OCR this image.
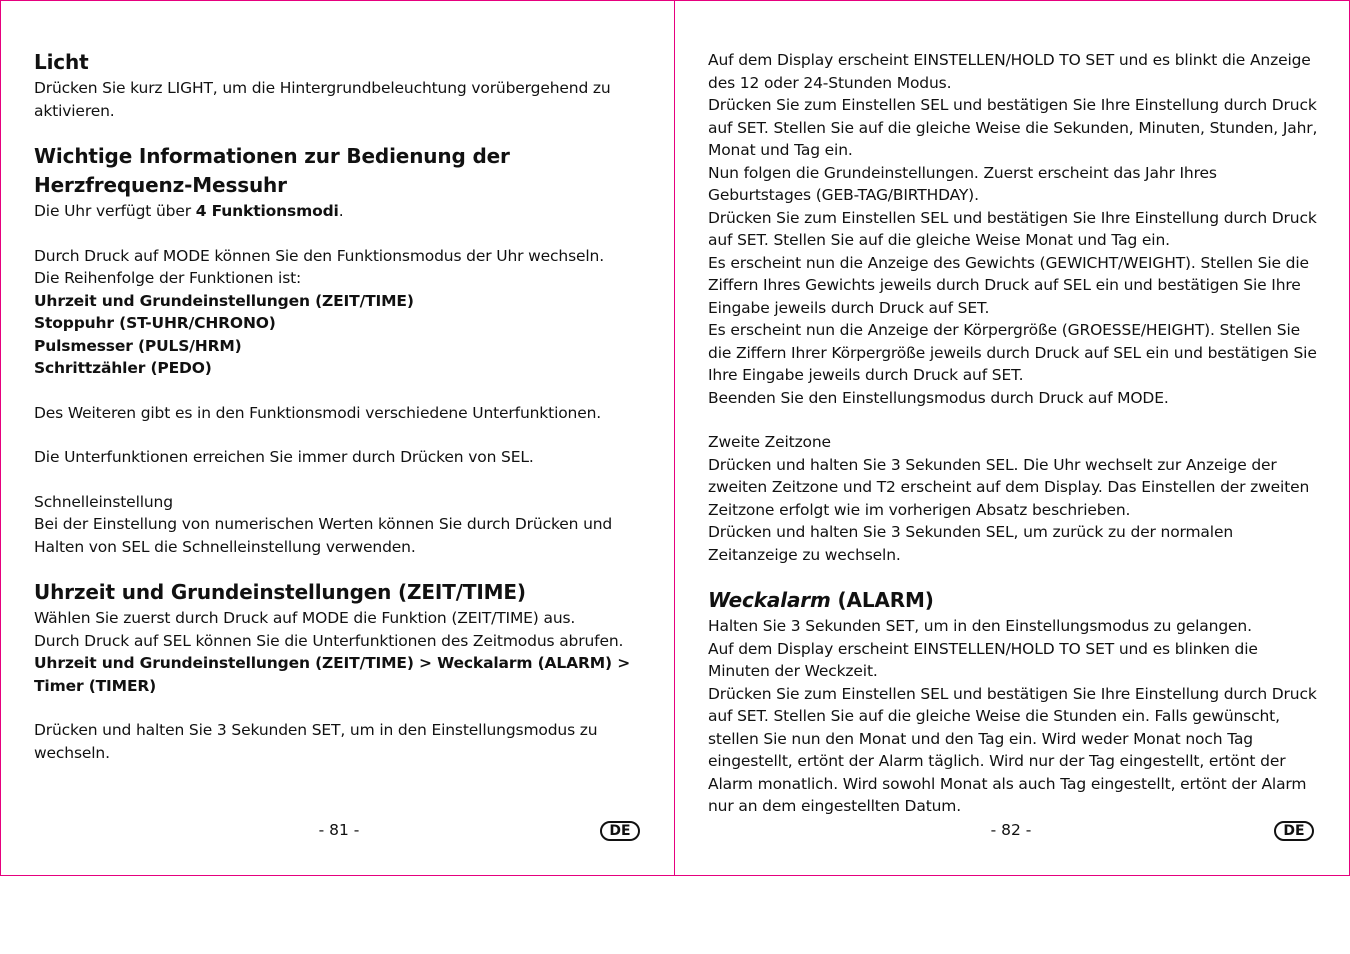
Licht

Drücken Sie kurz LIGHT, um die Hintergrundbeleuchtung vorübergehend zu aktivieren.

Wichtige Informationen zur Bedienung der Herzfrequenz-Messuhr

Die Uhr verfügt über 4 Funktionsmodi.

Durch Druck auf MODE können Sie den Funktionsmodus der Uhr wechseln.

Die Reihenfolge der Funktionen ist:

Uhrzeit und Grundeinstellungen (ZEIT/TIME)

Stoppuhr (ST-UHR/CHRONO)

Pulsmesser (PULS/HRM)

Schrittzähler (PEDO)

Des Weiteren gibt es in den Funktionsmodi verschiedene Unterfunktionen.

Die Unterfunktionen erreichen Sie immer durch Drücken von SEL.

Schnelleinstellung

Bei der Einstellung von numerischen Werten können Sie durch Drücken und Halten von SEL die Schnelleinstellung verwenden.

Uhrzeit und Grundeinstellungen (ZEIT/TIME)

Wählen Sie zuerst durch Druck auf MODE die Funktion (ZEIT/TIME) aus.

Durch Druck auf SEL können Sie die Unterfunktionen des Zeitmodus abrufen.

Uhrzeit und Grundeinstellungen (ZEIT/TIME) > Weckalarm (ALARM) > Timer (TIMER)

Drücken und halten Sie 3 Sekunden SET, um in den Einstellungsmodus zu wechseln.

- 81 -	DE

Auf dem Display erscheint EINSTELLEN/HOLD TO SET und es blinkt die Anzeige des 12 oder 24-Stunden Modus.

Drücken Sie zum Einstellen SEL und bestätigen Sie Ihre Einstellung durch Druck auf SET. Stellen Sie auf die gleiche Weise die Sekunden, Minuten, Stunden, Jahr, Monat und Tag ein.

Nun folgen die Grundeinstellungen. Zuerst erscheint das Jahr Ihres Geburtstages (GEB-TAG/BIRTHDAY).

Drücken Sie zum Einstellen SEL und bestätigen Sie Ihre Einstellung durch Druck auf SET. Stellen Sie auf die gleiche Weise Monat und Tag ein.

Es erscheint nun die Anzeige des Gewichts (GEWICHT/WEIGHT). Stellen Sie die Ziffern Ihres Gewichts jeweils durch Druck auf SEL ein und bestätigen Sie Ihre Eingabe jeweils durch Druck auf SET.

Es erscheint nun die Anzeige der Körpergröße (GROESSE/HEIGHT). Stellen Sie die Ziffern Ihrer Körpergröße jeweils durch Druck auf SEL ein und bestätigen Sie Ihre Eingabe jeweils durch Druck auf SET.

Beenden Sie den Einstellungsmodus durch Druck auf MODE.

Zweite Zeitzone

Drücken und halten Sie 3 Sekunden SEL. Die Uhr wechselt zur Anzeige der zweiten Zeitzone und T2 erscheint auf dem Display. Das Einstellen der zweiten Zeitzone erfolgt wie im vorherigen Absatz beschrieben.

Drücken und halten Sie 3 Sekunden SEL, um zurück zu der normalen Zeitanzeige zu wechseln.

Weckalarm (ALARM)

Halten Sie 3 Sekunden SET, um in den Einstellungsmodus zu gelangen.

Auf dem Display erscheint EINSTELLEN/HOLD TO SET und es blinken die Minuten der Weckzeit.

Drücken Sie zum Einstellen SEL und bestätigen Sie Ihre Einstellung durch Druck auf SET. Stellen Sie auf die gleiche Weise die Stunden ein. Falls gewünscht, stellen Sie nun den Monat und den Tag ein. Wird weder Monat noch Tag eingestellt, ertönt der Alarm täglich. Wird nur der Tag eingestellt, ertönt der Alarm monatlich. Wird sowohl Monat als auch Tag eingestellt, ertönt der Alarm nur an dem eingestellten Datum.

- 82 -	DE
